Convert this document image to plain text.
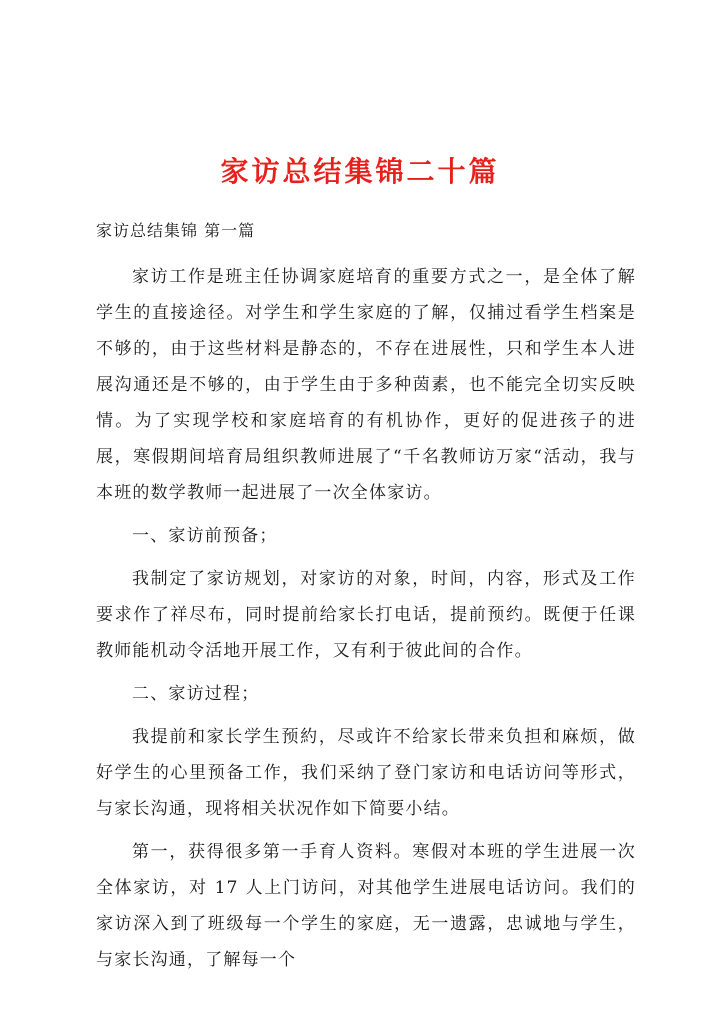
家访总结集锦二十篇
家访总结集锦 第一篇

家访工作是班主任协调家庭培育的重要方式之一，是全体了解学生的直接途径。对学生和学生家庭的了解，仅捕过看学生档案是不够的，由于这些材料是静态的，不存在进展性，只和学生本人进展沟通还是不够的，由于学生由于多种茵素，也不能完全切实反映情。为了实现学校和家庭培育的有机协作，更好的促进孩子的进展，寒假期间培育局组织教师进展了“千名教师访万家“活动，我与本班的数学教师一起进展了一次全体家访。

一、家访前预备；

我制定了家访规划，对家访的对象，时间，内容，形式及工作要求作了祥尽布，同时提前给家长打电话，提前预约。既便于任课教师能机动令活地开展工作，又有利于彼此间的合作。

二、家访过程；

我提前和家长学生预約，尽或许不给家长带来负担和麻烦，做好学生的心里预备工作，我们采纳了登门家访和电话访问等形式，与家长沟通，现将相关状况作如下简要小结。

第一，获得很多第一手育人资料。寒假对本班的学生进展一次全体家访，对 17 人上门访问，对其他学生进展电话访问。我们的家访深入到了班级每一个学生的家庭，无一遗露，忠诚地与学生，与家长沟通，了解每一个
